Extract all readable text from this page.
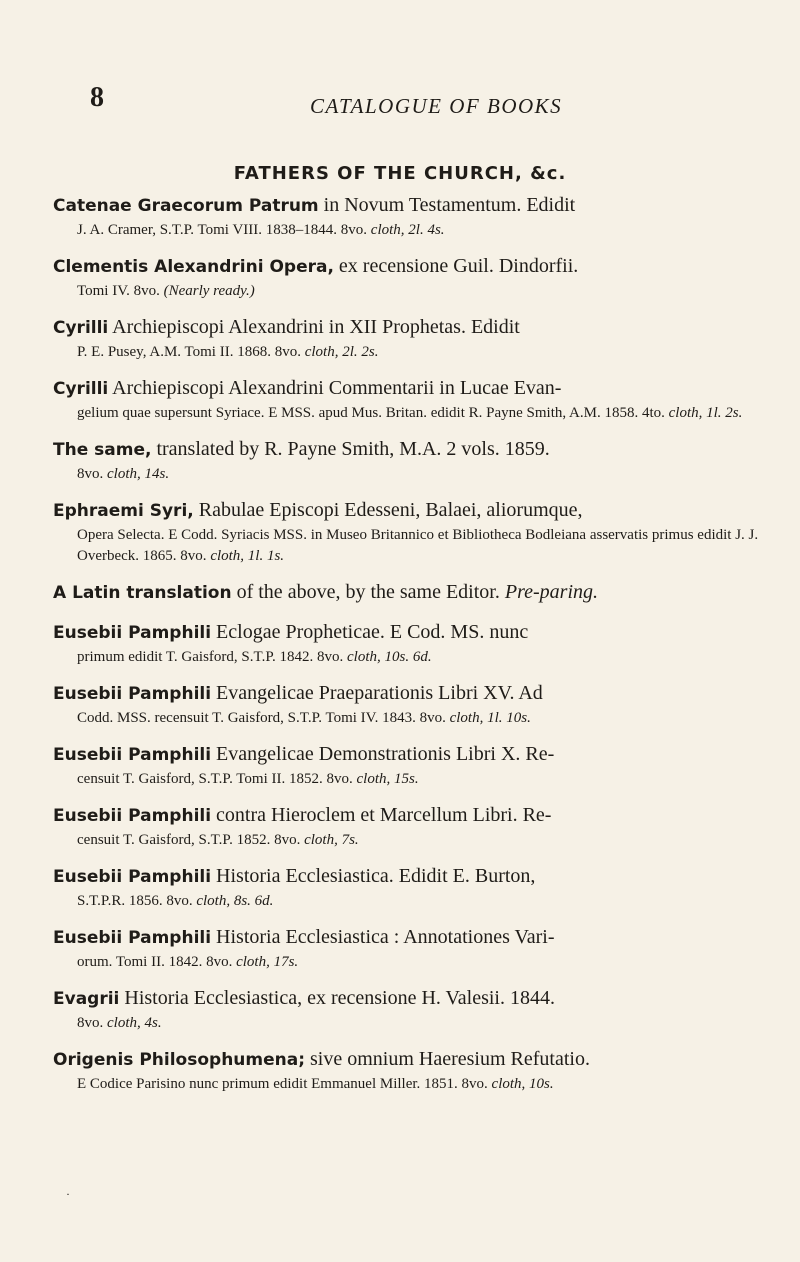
8	CATALOGUE OF BOOKS
FATHERS OF THE CHURCH, &c.
Catenae Graecorum Patrum in Novum Testamentum. Edidit
J. A. Cramer, S.T.P. Tomi VIII. 1838–1844. 8vo. cloth, 2l. 4s.
Clementis Alexandrini Opera, ex recensione Guil. Dindorfii.
Tomi IV. 8vo. (Nearly ready.)
Cyrilli Archiepiscopi Alexandrini in XII Prophetas. Edidit
P. E. Pusey, A.M. Tomi II. 1868. 8vo. cloth, 2l. 2s.
Cyrilli Archiepiscopi Alexandrini Commentarii in Lucae Evan-
gelium quae supersunt Syriace. E MSS. apud Mus. Britan. edidit R. Payne Smith, A.M. 1858. 4to. cloth, 1l. 2s.
The same, translated by R. Payne Smith, M.A. 2 vols. 1859.
8vo. cloth, 14s.
Ephraemi Syri, Rabulae Episcopi Edesseni, Balaei, aliorumque,
Opera Selecta. E Codd. Syriacis MSS. in Museo Britannico et Bibliotheca Bodleiana asservatis primus edidit J. J. Overbeck. 1865. 8vo. cloth, 1l. 1s.
A Latin translation of the above, by the same Editor. Pre-paring.
Eusebii Pamphili Eclogae Propheticae. E Cod. MS. nunc
primum edidit T. Gaisford, S.T.P. 1842. 8vo. cloth, 10s. 6d.
Eusebii Pamphili Evangelicae Praeparationis Libri XV. Ad
Codd. MSS. recensuit T. Gaisford, S.T.P. Tomi IV. 1843. 8vo. cloth, 1l. 10s.
Eusebii Pamphili Evangelicae Demonstrationis Libri X. Re-
censuit T. Gaisford, S.T.P. Tomi II. 1852. 8vo. cloth, 15s.
Eusebii Pamphili contra Hieroclem et Marcellum Libri. Re-
censuit T. Gaisford, S.T.P. 1852. 8vo. cloth, 7s.
Eusebii Pamphili Historia Ecclesiastica. Edidit E. Burton,
S.T.P.R. 1856. 8vo. cloth, 8s. 6d.
Eusebii Pamphili Historia Ecclesiastica : Annotationes Vari-
orum. Tomi II. 1842. 8vo. cloth, 17s.
Evagrii Historia Ecclesiastica, ex recensione H. Valesii. 1844.
8vo. cloth, 4s.
Origenis Philosophumena; sive omnium Haeresium Refutatio.
E Codice Parisino nunc primum edidit Emmanuel Miller. 1851. 8vo. cloth, 10s.
·
